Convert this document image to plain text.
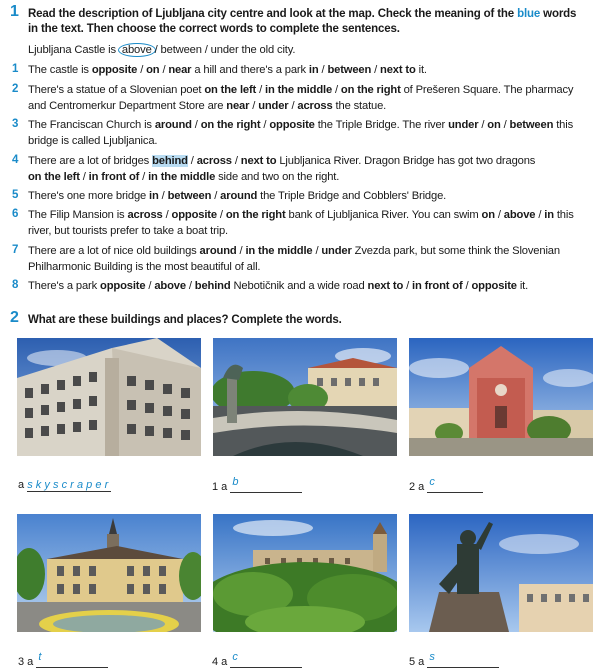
1 Read the description of Ljubljana city centre and look at the map. Check the meaning of the blue words
in the text. Then choose the correct words to complete the sentences.
Ljubljana Castle is above / between / under the old city.
1 The castle is opposite / on / near a hill and there's a park in / between / next to it.
2 There's a statue of a Slovenian poet on the left / in the middle / on the right of Prešeren Square. The pharmacy
and Centromerkur Department Store are near / under / across the statue.
3 The Franciscan Church is around / on the right / opposite the Triple Bridge. The river under / on / between this
bridge is called Ljubljanica.
4 There are a lot of bridges behind / across / next to Ljubljanica River. Dragon Bridge has got two dragons
on the left / in front of / in the middle side and two on the right.
5 There's one more bridge in / between / around the Triple Bridge and Cobblers' Bridge.
6 The Filip Mansion is across / opposite / on the right bank of Ljubljanica River. You can swim on / above / in this
river, but tourists prefer to take a boat trip.
7 There are a lot of nice old buildings around / in the middle / under Zvezda park, but some think the Slovenian
Philharmonic Building is the most beautiful of all.
8 There's a park opposite / above / behind Nebotičnik and a wide road next to / in front of / opposite it.
2 What are these buildings and places? Complete the words.
a skyscraper	1 a b	2 a c
3 a t	4 a c	5 a s
